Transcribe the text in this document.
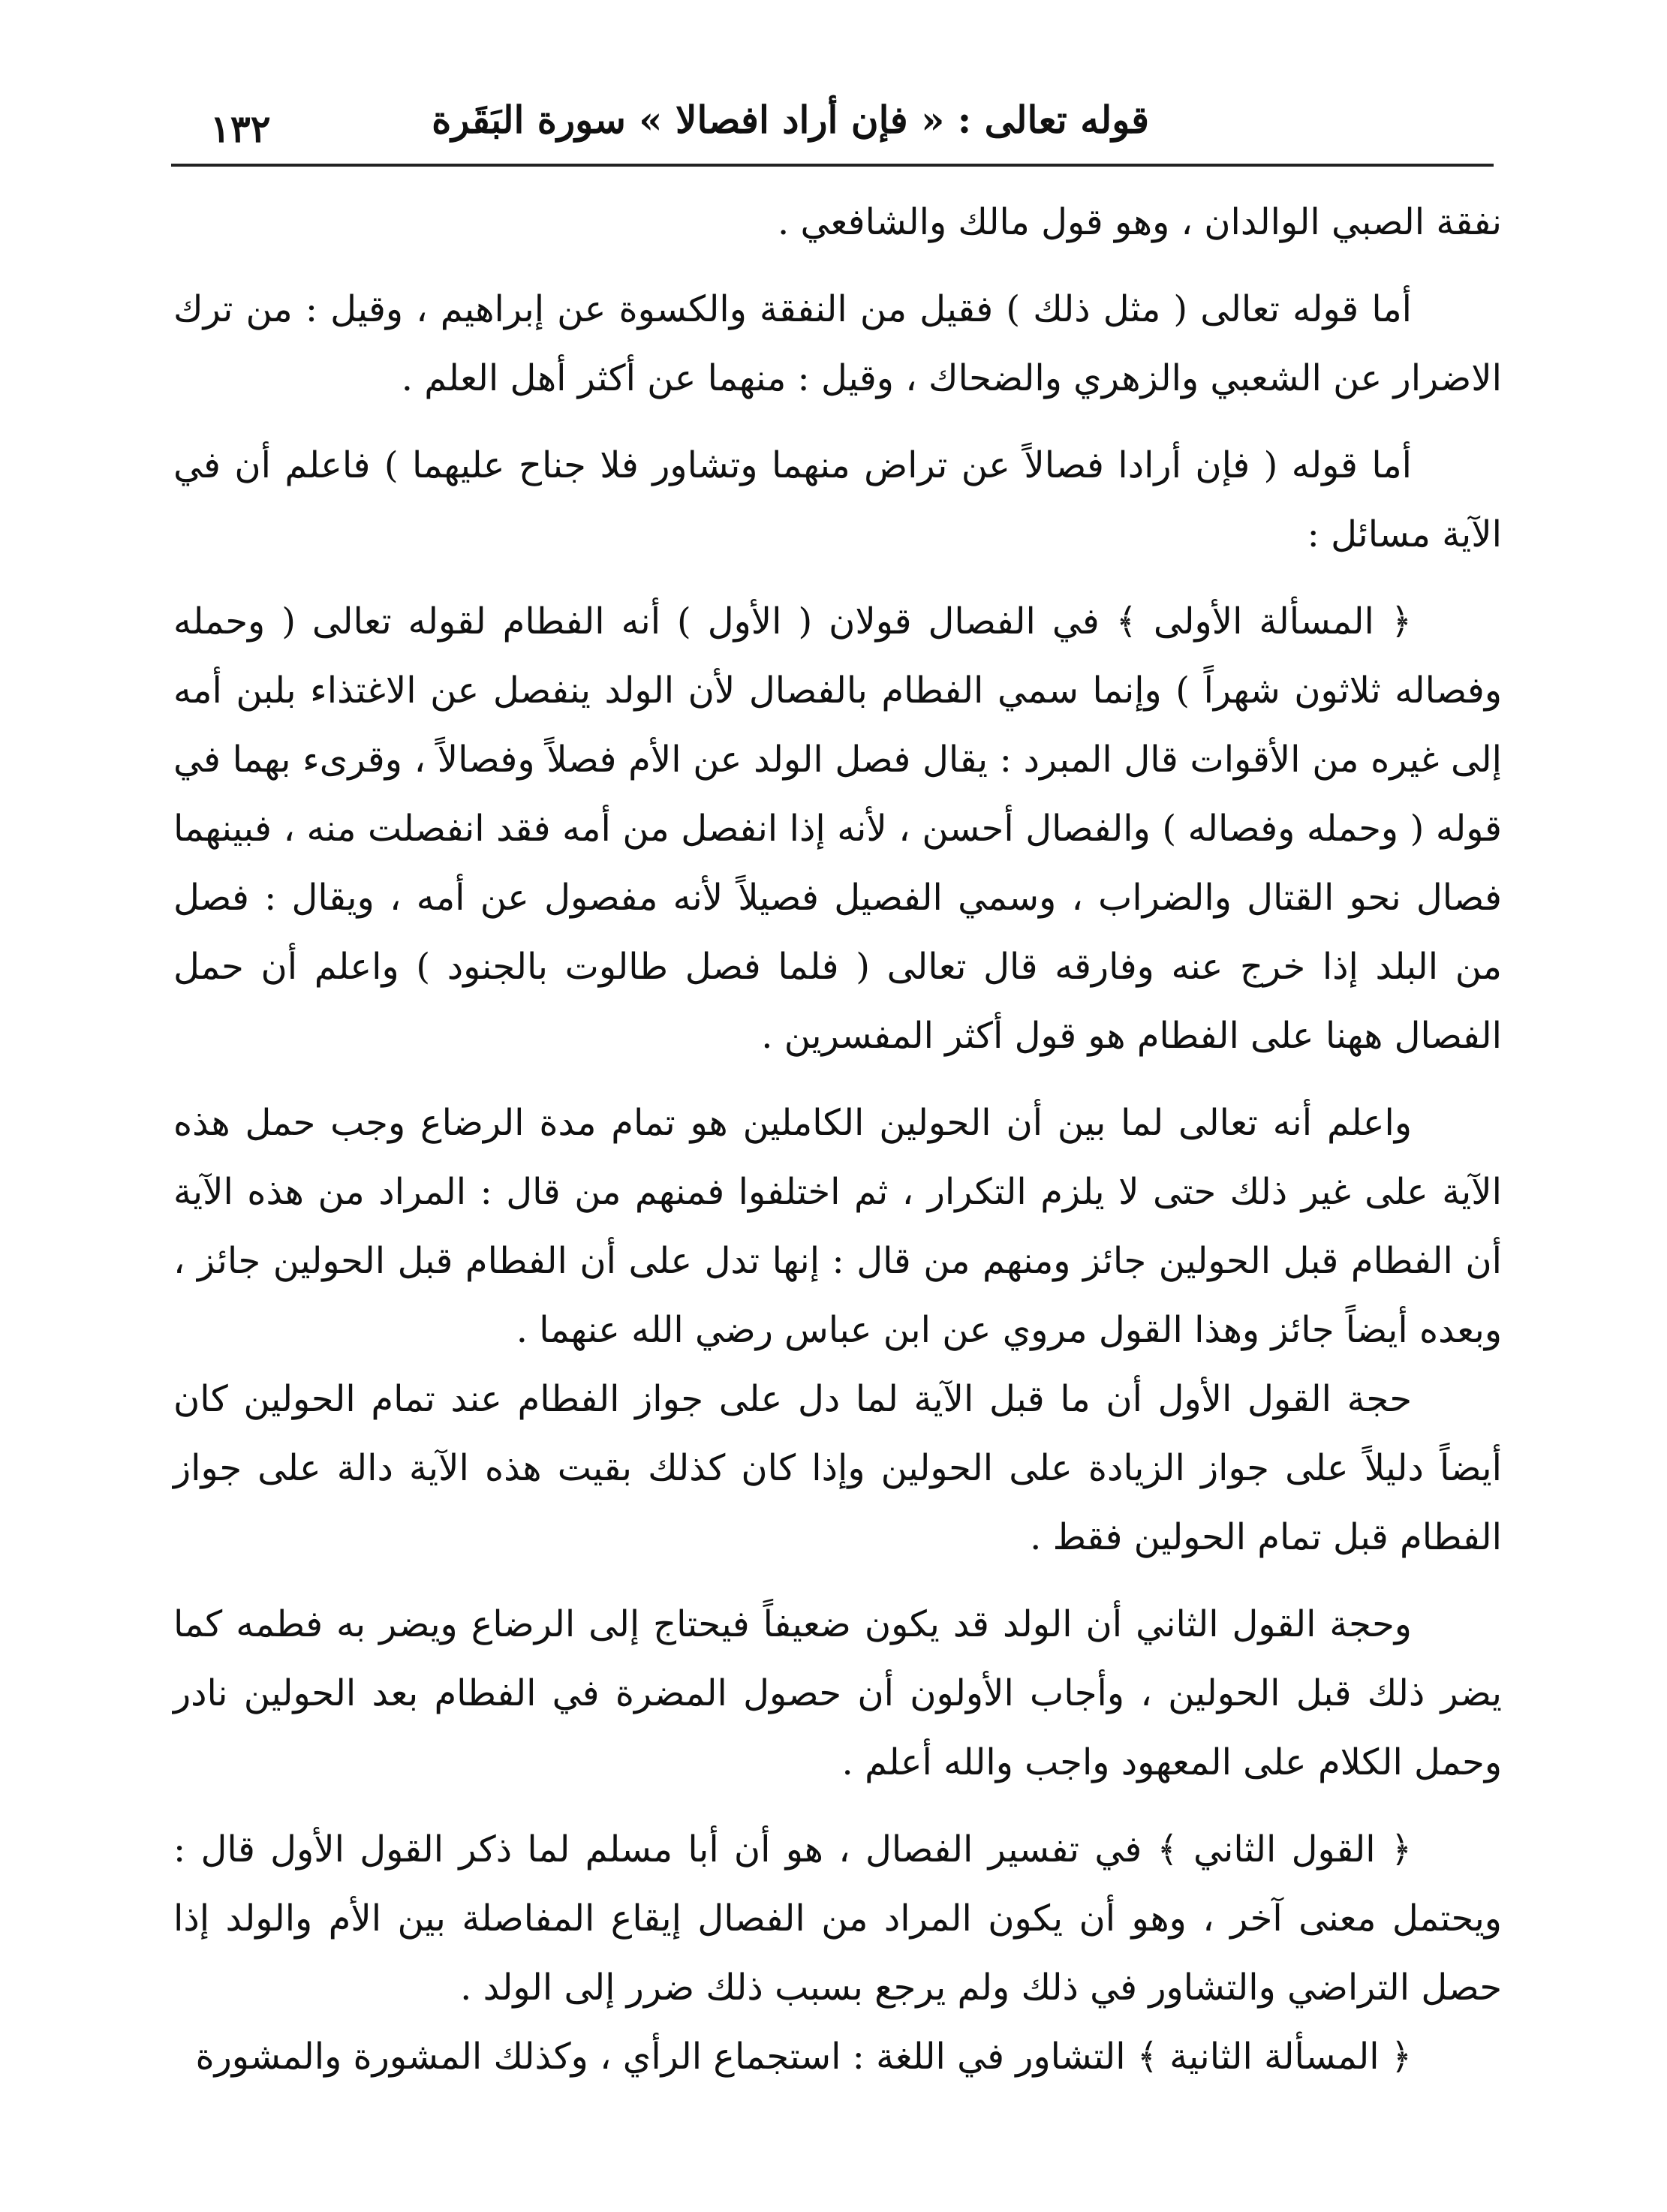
قوله تعالى : « فإن أراد افصالا » سورة البَقَرة
١٣٢

نفقة الصبي الوالدان ، وهو قول مالك والشافعي .

أما قوله تعالى ( مثل ذلك ) فقيل من النفقة والكسوة عن إبراهيم ، وقيل : من ترك الاضرار عن الشعبي والزهري والضحاك ، وقيل : منهما عن أكثر أهل العلم .

أما قوله ( فإن أرادا فصالاً عن تراض منهما وتشاور فلا جناح عليهما ) فاعلم أن في الآية مسائل :

﴿ المسألة الأولى ﴾ في الفصال قولان ( الأول ) أنه الفطام لقوله تعالى ( وحمله وفصاله ثلاثون شهراً ) وإنما سمي الفطام بالفصال لأن الولد ينفصل عن الاغتذاء بلبن أمه إلى غيره من الأقوات قال المبرد : يقال فصل الولد عن الأم فصلاً وفصالاً ، وقرىء بهما في قوله ( وحمله وفصاله ) والفصال أحسن ، لأنه إذا انفصل من أمه فقد انفصلت منه ، فبينهما فصال نحو القتال والضراب ، وسمي الفصيل فصيلاً لأنه مفصول عن أمه ، ويقال : فصل من البلد إذا خرج عنه وفارقه قال تعالى ( فلما فصل طالوت بالجنود ) واعلم أن حمل الفصال ههنا على الفطام هو قول أكثر المفسرين .

واعلم أنه تعالى لما بين أن الحولين الكاملين هو تمام مدة الرضاع وجب حمل هذه الآية على غير ذلك حتى لا يلزم التكرار ، ثم اختلفوا فمنهم من قال : المراد من هذه الآية أن الفطام قبل الحولين جائز ومنهم من قال : إنها تدل على أن الفطام قبل الحولين جائز ، وبعده أيضاً جائز وهذا القول مروي عن ابن عباس رضي الله عنهما .

حجة القول الأول أن ما قبل الآية لما دل على جواز الفطام عند تمام الحولين كان أيضاً دليلاً على جواز الزيادة على الحولين وإذا كان كذلك بقيت هذه الآية دالة على جواز الفطام قبل تمام الحولين فقط .

وحجة القول الثاني أن الولد قد يكون ضعيفاً فيحتاج إلى الرضاع ويضر به فطمه كما يضر ذلك قبل الحولين ، وأجاب الأولون أن حصول المضرة في الفطام بعد الحولين نادر وحمل الكلام على المعهود واجب والله أعلم .

﴿ القول الثاني ﴾ في تفسير الفصال ، هو أن أبا مسلم لما ذكر القول الأول قال : ويحتمل معنى آخر ، وهو أن يكون المراد من الفصال إيقاع المفاصلة بين الأم والولد إذا حصل التراضي والتشاور في ذلك ولم يرجع بسبب ذلك ضرر إلى الولد .

﴿ المسألة الثانية ﴾ التشاور في اللغة : استجماع الرأي ، وكذلك المشورة والمشورة
